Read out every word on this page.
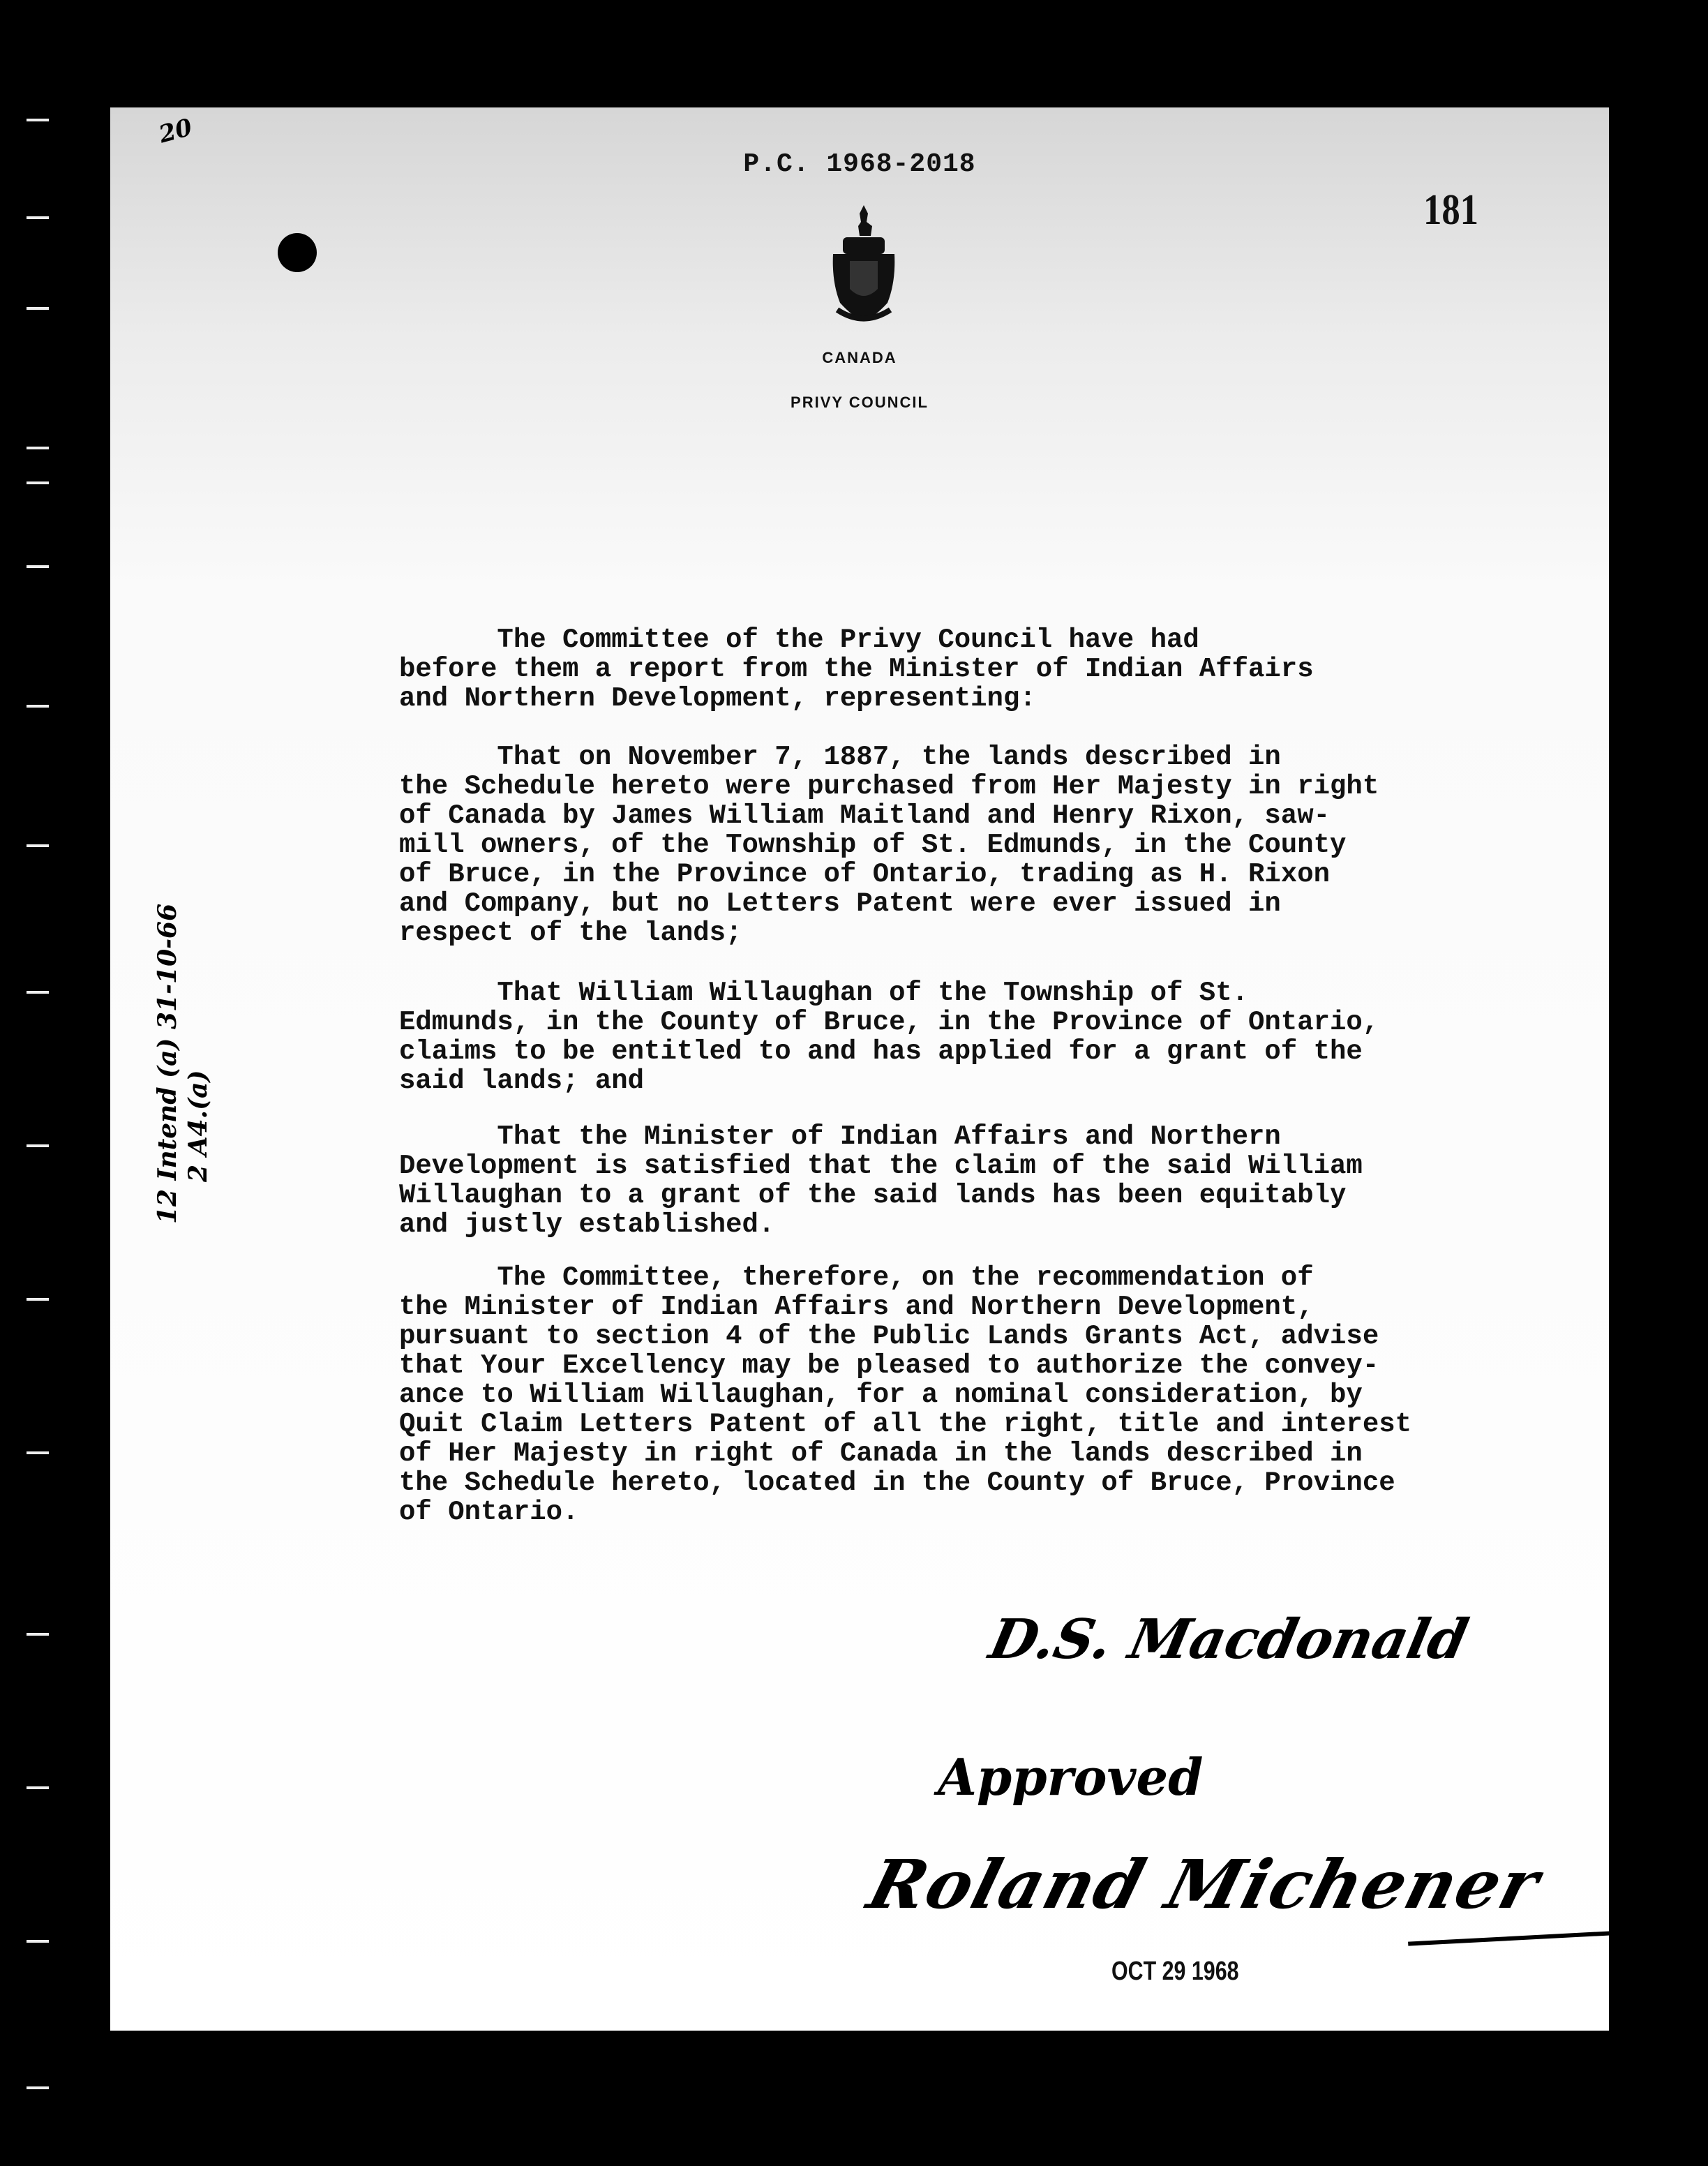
20
P.C. 1968-2018
181
CANADA
PRIVY COUNCIL
12 Intend (a) 31-10-66 2 A4.(a)
The Committee of the Privy Council have had
before them a report from the Minister of Indian Affairs
and Northern Development, representing:
That on November 7, 1887, the lands described in
the Schedule hereto were purchased from Her Majesty in right
of Canada by James William Maitland and Henry Rixon, saw-
mill owners, of the Township of St. Edmunds, in the County
of Bruce, in the Province of Ontario, trading as H. Rixon
and Company, but no Letters Patent were ever issued in
respect of the lands;
That William Willaughan of the Township of St.
Edmunds, in the County of Bruce, in the Province of Ontario,
claims to be entitled to and has applied for a grant of the
said lands; and
That the Minister of Indian Affairs and Northern
Development is satisfied that the claim of the said William
Willaughan to a grant of the said lands has been equitably
and justly established.
The Committee, therefore, on the recommendation of
the Minister of Indian Affairs and Northern Development,
pursuant to section 4 of the Public Lands Grants Act, advise
that Your Excellency may be pleased to authorize the convey-
ance to William Willaughan, for a nominal consideration, by
Quit Claim Letters Patent of all the right, title and interest
of Her Majesty in right of Canada in the lands described in
the Schedule hereto, located in the County of Bruce, Province
of Ontario.
D.S. Macdonald
Approved
Roland Michener
OCT 29 1968
